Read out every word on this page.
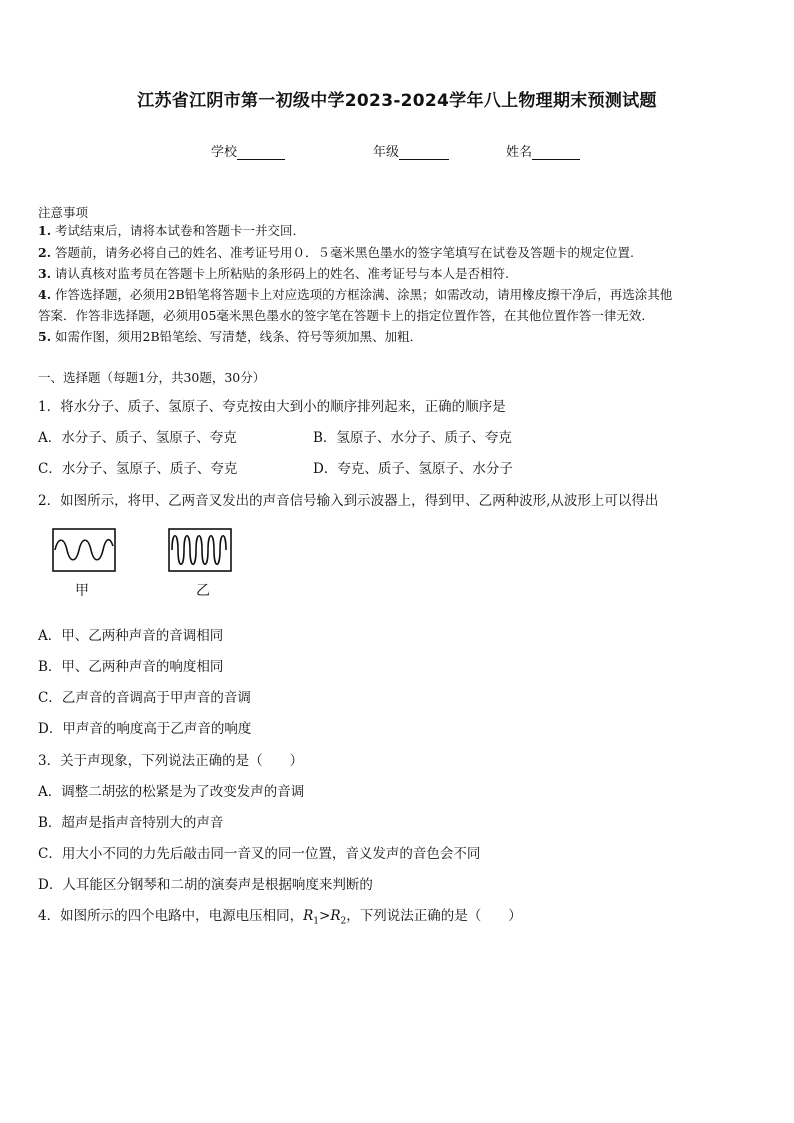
江苏省江阴市第一初级中学2023-2024学年八上物理期末预测试题
学校	年级	姓名
注意事项
1. 考试结束后，请将本试卷和答题卡一并交回.
2. 答题前，请务必将自己的姓名、准考证号用０．５毫米黑色墨水的签字笔填写在试卷及答题卡的规定位置.
3. 请认真核对监考员在答题卡上所粘贴的条形码上的姓名、准考证号与本人是否相符.
4. 作答选择题，必须用2B铅笔将答题卡上对应选项的方框涂满、涂黑；如需改动，请用橡皮擦干净后，再选涂其他
答案．作答非选择题，必须用05毫米黑色墨水的签字笔在答题卡上的指定位置作答，在其他位置作答一律无效．
5. 如需作图，须用2B铅笔绘、写清楚，线条、符号等须加黑、加粗．
一、选择题（每题1分，共30题，30分）
1．将水分子、质子、氢原子、夸克按由大到小的顺序排列起来，正确的顺序是
A．水分子、质子、氢原子、夸克	B．氢原子、水分子、质子、夸克
C．水分子、氢原子、质子、夸克	D．夸克、质子、氢原子、水分子
2．如图所示，将甲、乙两音叉发出的声音信号输入到示波器上，得到甲、乙两种波形,从波形上可以得出
甲	乙
A．甲、乙两种声音的音调相同
B．甲、乙两种声音的响度相同
C．乙声音的音调高于甲声音的音调
D．甲声音的响度高于乙声音的响度
3．关于声现象，下列说法正确的是（　　）
A．调整二胡弦的松紧是为了改变发声的音调
B．超声是指声音特别大的声音
C．用大小不同的力先后敲击同一音叉的同一位置，音义发声的音色会不同
D．人耳能区分钢琴和二胡的演奏声是根据响度来判断的
4．如图所示的四个电路中，电源电压相同，$R_1>R_2$，下列说法正确的是（　　）
